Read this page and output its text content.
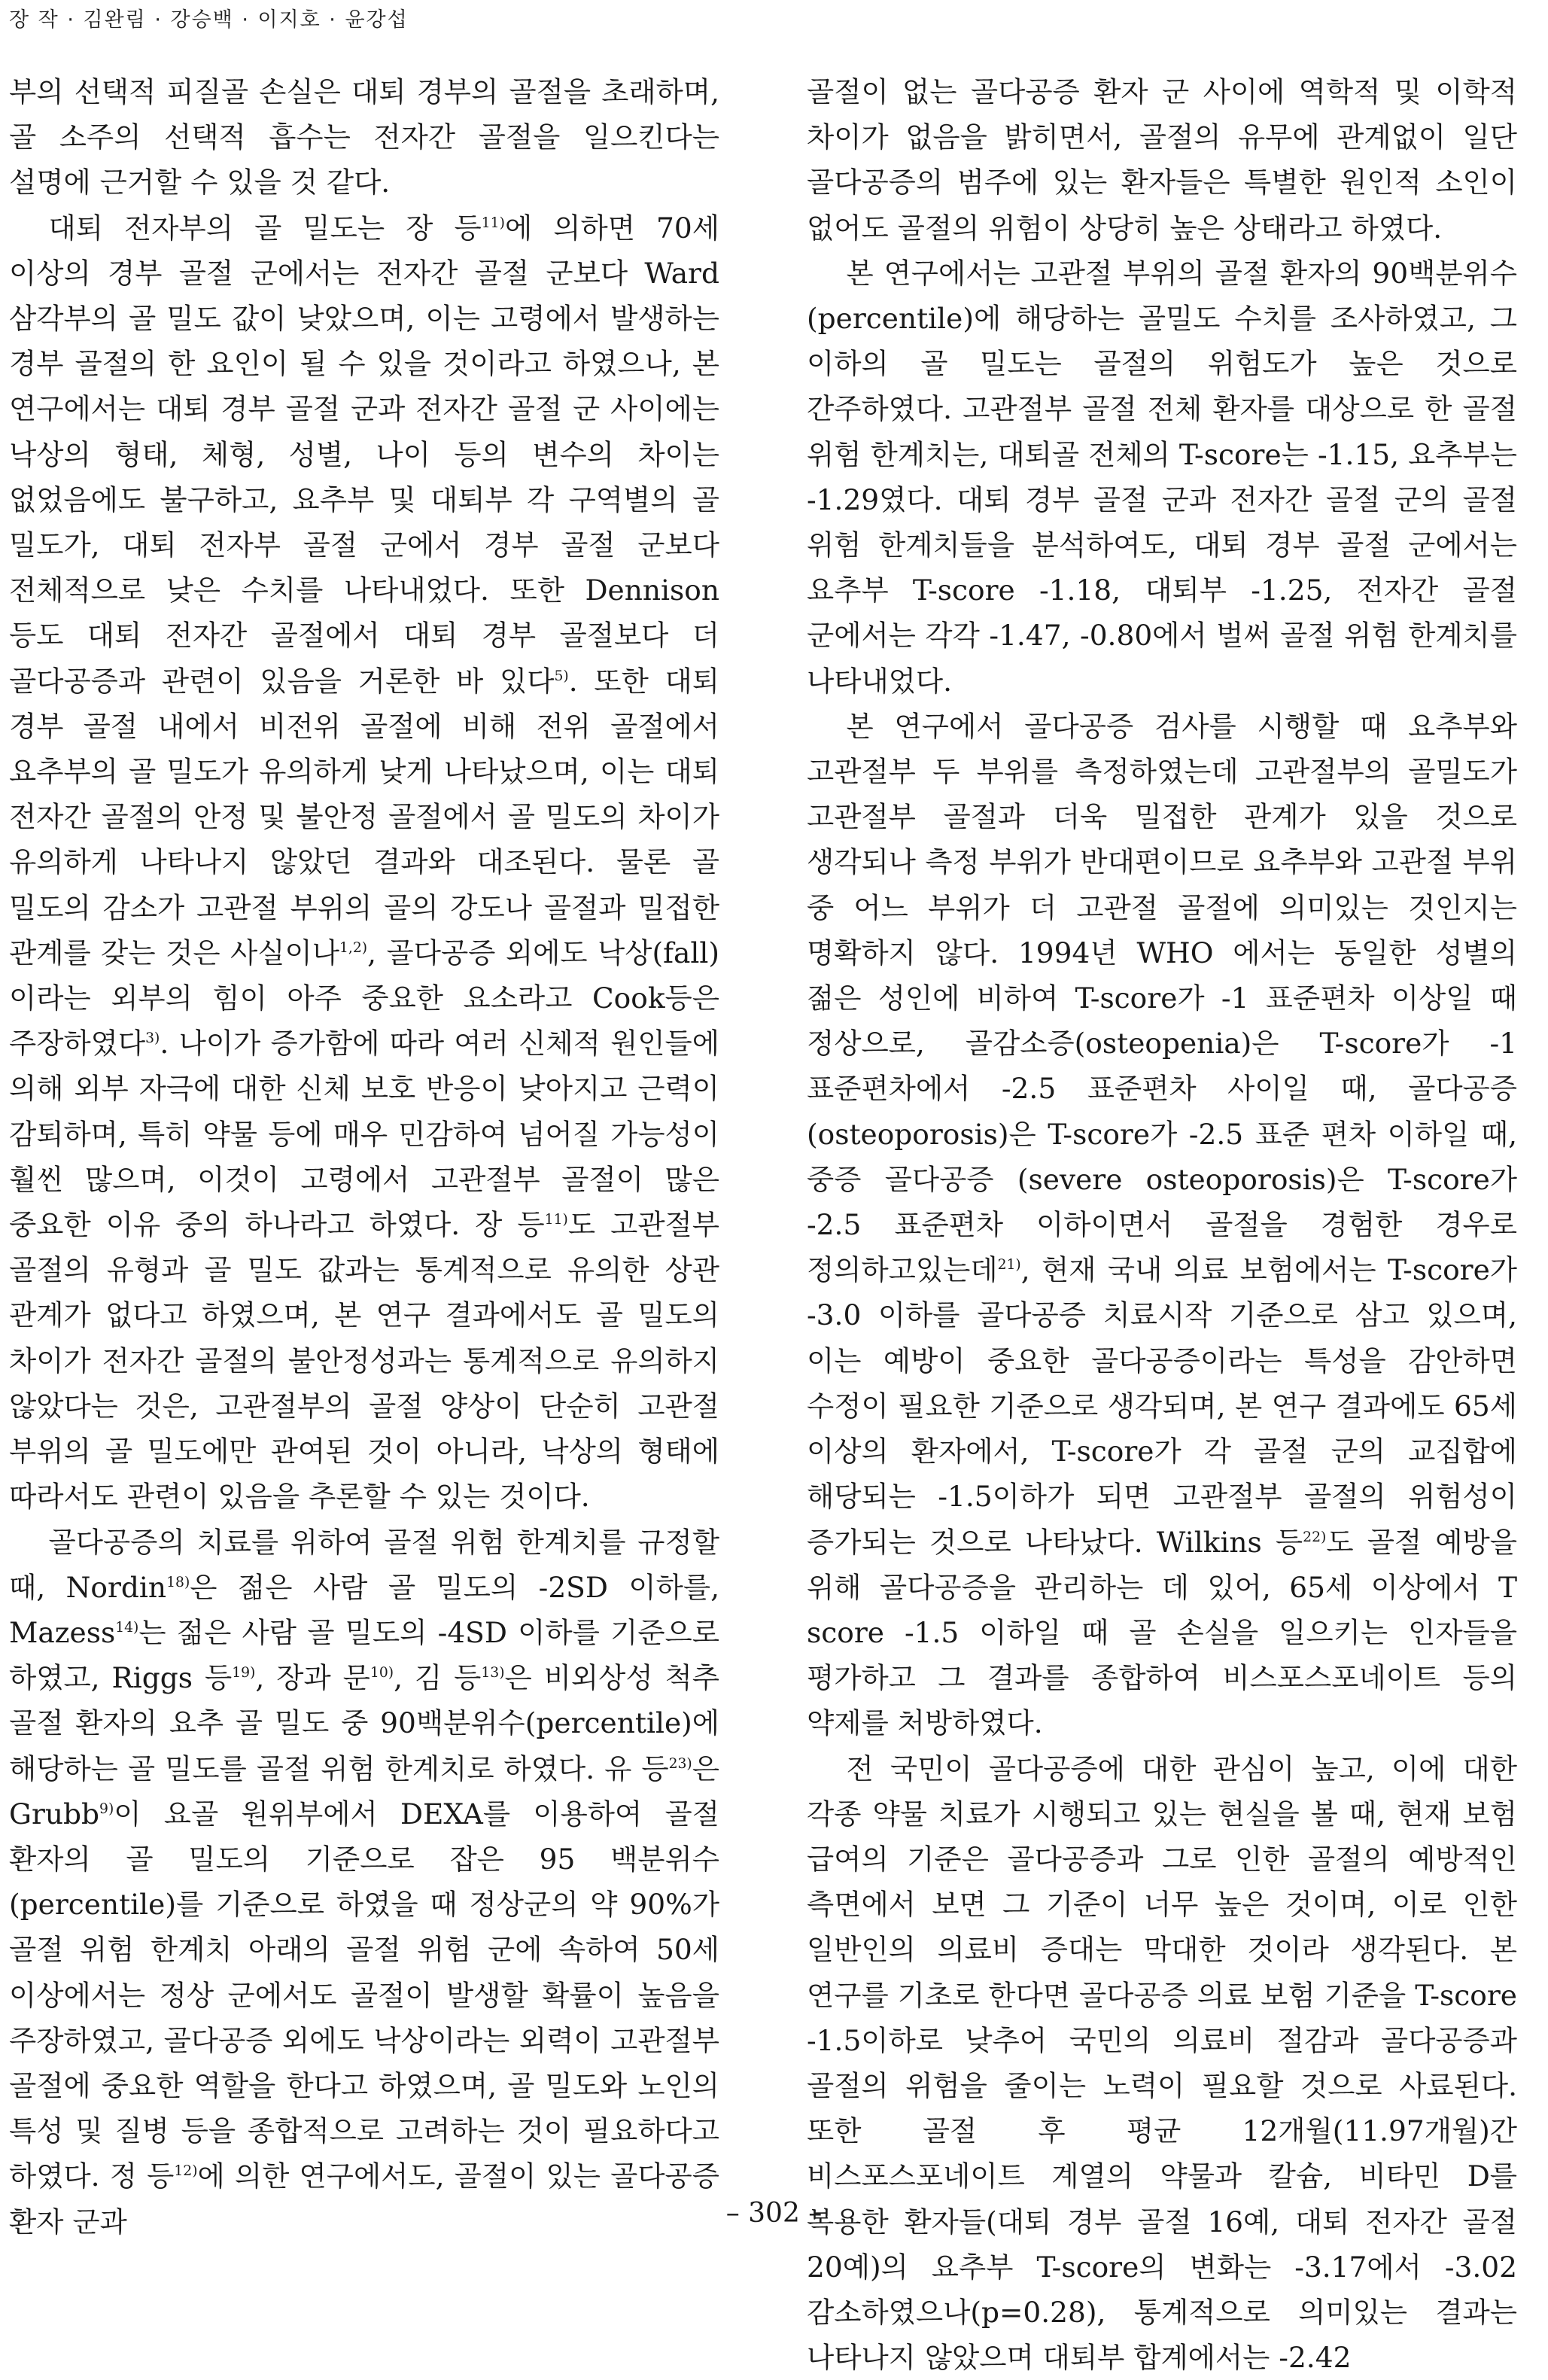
장 작 · 김완림 · 강승백 · 이지호 · 윤강섭

부의 선택적 피질골 손실은 대퇴 경부의 골절을 초래하며, 골 소주의 선택적 흡수는 전자간 골절을 일으킨다는 설명에 근거할 수 있을 것 같다.

대퇴 전자부의 골 밀도는 장 등$^{11)}$에 의하면 70세 이상의 경부 골절 군에서는 전자간 골절 군보다 Ward 삼각부의 골 밀도 값이 낮았으며, 이는 고령에서 발생하는 경부 골절의 한 요인이 될 수 있을 것이라고 하였으나, 본 연구에서는 대퇴 경부 골절 군과 전자간 골절 군 사이에는 낙상의 형태, 체형, 성별, 나이 등의 변수의 차이는 없었음에도 불구하고, 요추부 및 대퇴부 각 구역별의 골 밀도가, 대퇴 전자부 골절 군에서 경부 골절 군보다 전체적으로 낮은 수치를 나타내었다. 또한 Dennison 등도 대퇴 전자간 골절에서 대퇴 경부 골절보다 더 골다공증과 관련이 있음을 거론한 바 있다$^{5)}$. 또한 대퇴 경부 골절 내에서 비전위 골절에 비해 전위 골절에서 요추부의 골 밀도가 유의하게 낮게 나타났으며, 이는 대퇴 전자간 골절의 안정 및 불안정 골절에서 골 밀도의 차이가 유의하게 나타나지 않았던 결과와 대조된다. 물론 골 밀도의 감소가 고관절 부위의 골의 강도나 골절과 밀접한 관계를 갖는 것은 사실이나$^{1,2)}$, 골다공증 외에도 낙상(fall)이라는 외부의 힘이 아주 중요한 요소라고 Cook등은 주장하였다$^{3)}$. 나이가 증가함에 따라 여러 신체적 원인들에 의해 외부 자극에 대한 신체 보호 반응이 낮아지고 근력이 감퇴하며, 특히 약물 등에 매우 민감하여 넘어질 가능성이 훨씬 많으며, 이것이 고령에서 고관절부 골절이 많은 중요한 이유 중의 하나라고 하였다. 장 등$^{11)}$도 고관절부 골절의 유형과 골 밀도 값과는 통계적으로 유의한 상관 관계가 없다고 하였으며, 본 연구 결과에서도 골 밀도의 차이가 전자간 골절의 불안정성과는 통계적으로 유의하지 않았다는 것은, 고관절부의 골절 양상이 단순히 고관절 부위의 골 밀도에만 관여된 것이 아니라, 낙상의 형태에 따라서도 관련이 있음을 추론할 수 있는 것이다.

골다공증의 치료를 위하여 골절 위험 한계치를 규정할 때, Nordin$^{18)}$은 젊은 사람 골 밀도의 -2SD 이하를, Mazess$^{14)}$는 젊은 사람 골 밀도의 -4SD 이하를 기준으로 하였고, Riggs 등$^{19)}$, 장과 문$^{10)}$, 김 등$^{13)}$은 비외상성 척추 골절 환자의 요추 골 밀도 중 90백분위수(percentile)에 해당하는 골 밀도를 골절 위험 한계치로 하였다. 유 등$^{23)}$은 Grubb$^{9)}$이 요골 원위부에서 DEXA를 이용하여 골절 환자의 골 밀도의 기준으로 잡은 95 백분위수(percentile)를 기준으로 하였을 때 정상군의 약 90%가 골절 위험 한계치 아래의 골절 위험 군에 속하여 50세 이상에서는 정상 군에서도 골절이 발생할 확률이 높음을 주장하였고, 골다공증 외에도 낙상이라는 외력이 고관절부 골절에 중요한 역할을 한다고 하였으며, 골 밀도와 노인의 특성 및 질병 등을 종합적으로 고려하는 것이 필요하다고 하였다. 정 등$^{12)}$에 의한 연구에서도, 골절이 있는 골다공증 환자 군과

골절이 없는 골다공증 환자 군 사이에 역학적 및 이학적 차이가 없음을 밝히면서, 골절의 유무에 관계없이 일단 골다공증의 범주에 있는 환자들은 특별한 원인적 소인이 없어도 골절의 위험이 상당히 높은 상태라고 하였다.

본 연구에서는 고관절 부위의 골절 환자의 90백분위수(percentile)에 해당하는 골밀도 수치를 조사하였고, 그 이하의 골 밀도는 골절의 위험도가 높은 것으로 간주하였다. 고관절부 골절 전체 환자를 대상으로 한 골절 위험 한계치는, 대퇴골 전체의 T-score는 -1.15, 요추부는 -1.29였다. 대퇴 경부 골절 군과 전자간 골절 군의 골절 위험 한계치들을 분석하여도, 대퇴 경부 골절 군에서는 요추부 T-score -1.18, 대퇴부 -1.25, 전자간 골절 군에서는 각각 -1.47, -0.80에서 벌써 골절 위험 한계치를 나타내었다.

본 연구에서 골다공증 검사를 시행할 때 요추부와 고관절부 두 부위를 측정하였는데 고관절부의 골밀도가 고관절부 골절과 더욱 밀접한 관계가 있을 것으로 생각되나 측정 부위가 반대편이므로 요추부와 고관절 부위 중 어느 부위가 더 고관절 골절에 의미있는 것인지는 명확하지 않다. 1994년 WHO 에서는 동일한 성별의 젊은 성인에 비하여 T-score가 -1 표준편차 이상일 때 정상으로, 골감소증(osteopenia)은 T-score가 -1 표준편차에서 -2.5 표준편차 사이일 때, 골다공증 (osteoporosis)은 T-score가 -2.5 표준 편차 이하일 때, 중증 골다공증 (severe osteoporosis)은 T-score가 -2.5 표준편차 이하이면서 골절을 경험한 경우로 정의하고있는데$^{21)}$, 현재 국내 의료 보험에서는 T-score가 -3.0 이하를 골다공증 치료시작 기준으로 삼고 있으며, 이는 예방이 중요한 골다공증이라는 특성을 감안하면 수정이 필요한 기준으로 생각되며, 본 연구 결과에도 65세 이상의 환자에서, T-score가 각 골절 군의 교집합에 해당되는 -1.5이하가 되면 고관절부 골절의 위험성이 증가되는 것으로 나타났다. Wilkins 등$^{22)}$도 골절 예방을 위해 골다공증을 관리하는 데 있어, 65세 이상에서 T score -1.5 이하일 때 골 손실을 일으키는 인자들을 평가하고 그 결과를 종합하여 비스포스포네이트 등의 약제를 처방하였다.

전 국민이 골다공증에 대한 관심이 높고, 이에 대한 각종 약물 치료가 시행되고 있는 현실을 볼 때, 현재 보험 급여의 기준은 골다공증과 그로 인한 골절의 예방적인 측면에서 보면 그 기준이 너무 높은 것이며, 이로 인한 일반인의 의료비 증대는 막대한 것이라 생각된다. 본 연구를 기초로 한다면 골다공증 의료 보험 기준을 T-score -1.5이하로 낮추어 국민의 의료비 절감과 골다공증과 골절의 위험을 줄이는 노력이 필요할 것으로 사료된다. 또한 골절 후 평균 12개월(11.97개월)간 비스포스포네이트 계열의 약물과 칼슘, 비타민 D를 복용한 환자들(대퇴 경부 골절 16예, 대퇴 전자간 골절 20예)의 요추부 T-score의 변화는 -3.17에서 -3.02 감소하였으나(p=0.28), 통계적으로 의미있는 결과는 나타나지 않았으며 대퇴부 합계에서는 -2.42

– 302 –
